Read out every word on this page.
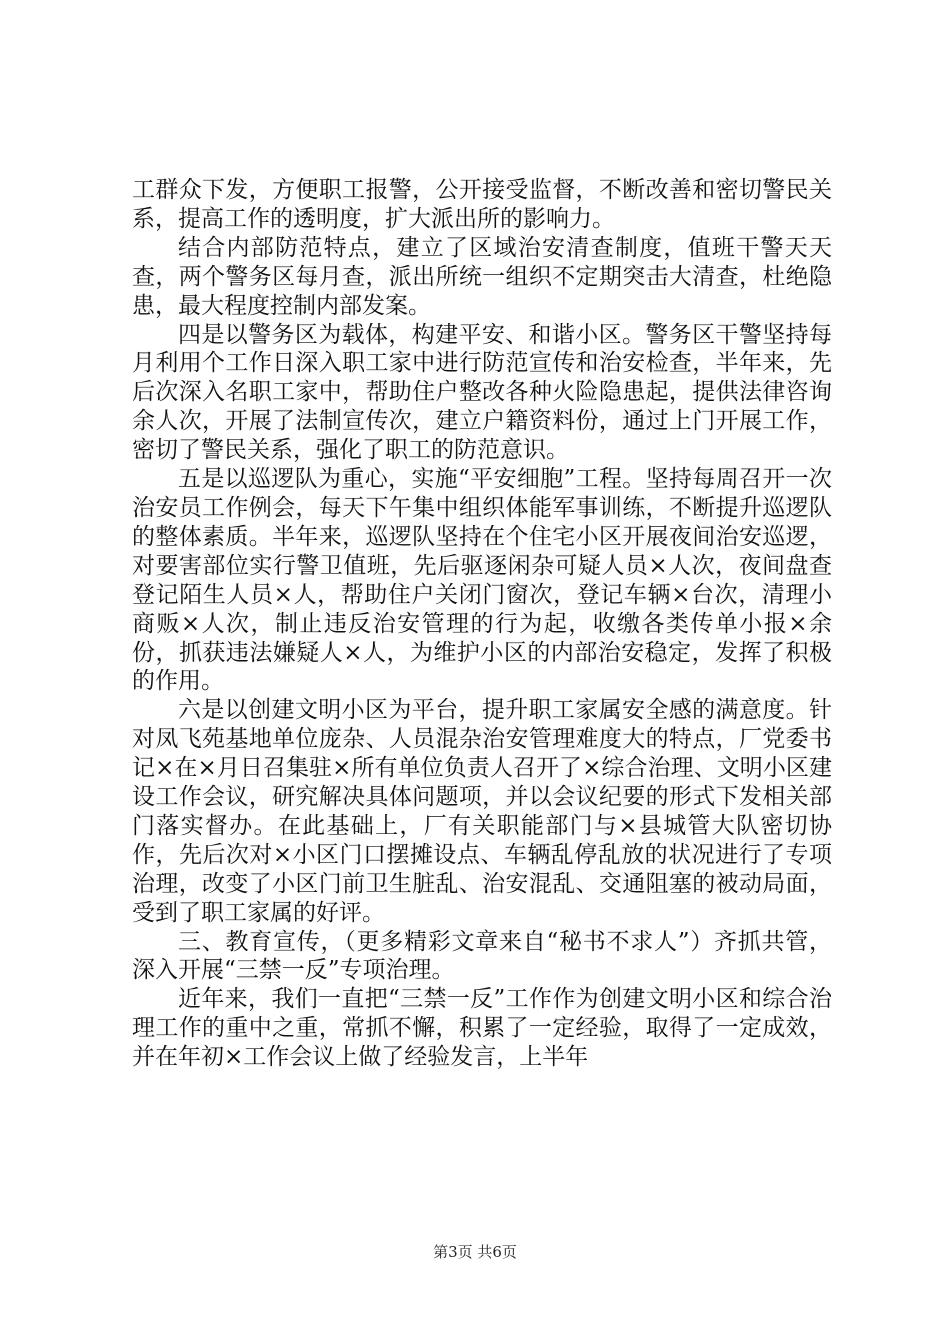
工群众下发，方便职工报警，公开接受监督，不断改善和密切警民关系，提高工作的透明度，扩大派出所的影响力。

结合内部防范特点，建立了区域治安清查制度，值班干警天天查，两个警务区每月查，派出所统一组织不定期突击大清查，杜绝隐患，最大程度控制内部发案。

四是以警务区为载体，构建平安、和谐小区。警务区干警坚持每月利用个工作日深入职工家中进行防范宣传和治安检查，半年来，先后次深入名职工家中，帮助住户整改各种火险隐患起，提供法律咨询余人次，开展了法制宣传次，建立户籍资料份，通过上门开展工作，密切了警民关系，强化了职工的防范意识。

五是以巡逻队为重心，实施“平安细胞”工程。坚持每周召开一次治安员工作例会，每天下午集中组织体能军事训练，不断提升巡逻队的整体素质。半年来，巡逻队坚持在个住宅小区开展夜间治安巡逻，对要害部位实行警卫值班，先后驱逐闲杂可疑人员×人次，夜间盘查登记陌生人员×人，帮助住户关闭门窗次，登记车辆×台次，清理小商贩×人次，制止违反治安管理的行为起，收缴各类传单小报×余份，抓获违法嫌疑人×人，为维护小区的内部治安稳定，发挥了积极的作用。

六是以创建文明小区为平台，提升职工家属安全感的满意度。针对凤飞苑基地单位庞杂、人员混杂治安管理难度大的特点，厂党委书记×在×月日召集驻×所有单位负责人召开了×综合治理、文明小区建设工作会议，研究解决具体问题项，并以会议纪要的形式下发相关部门落实督办。在此基础上，厂有关职能部门与×县城管大队密切协作，先后次对×小区门口摆摊设点、车辆乱停乱放的状况进行了专项治理，改变了小区门前卫生脏乱、治安混乱、交通阻塞的被动局面，受到了职工家属的好评。

三、教育宣传，（更多精彩文章来自“秘书不求人”）齐抓共管，深入开展“三禁一反”专项治理。

近年来，我们一直把“三禁一反”工作作为创建文明小区和综合治理工作的重中之重，常抓不懈，积累了一定经验，取得了一定成效，并在年初×工作会议上做了经验发言，上半年

第3页 共6页
